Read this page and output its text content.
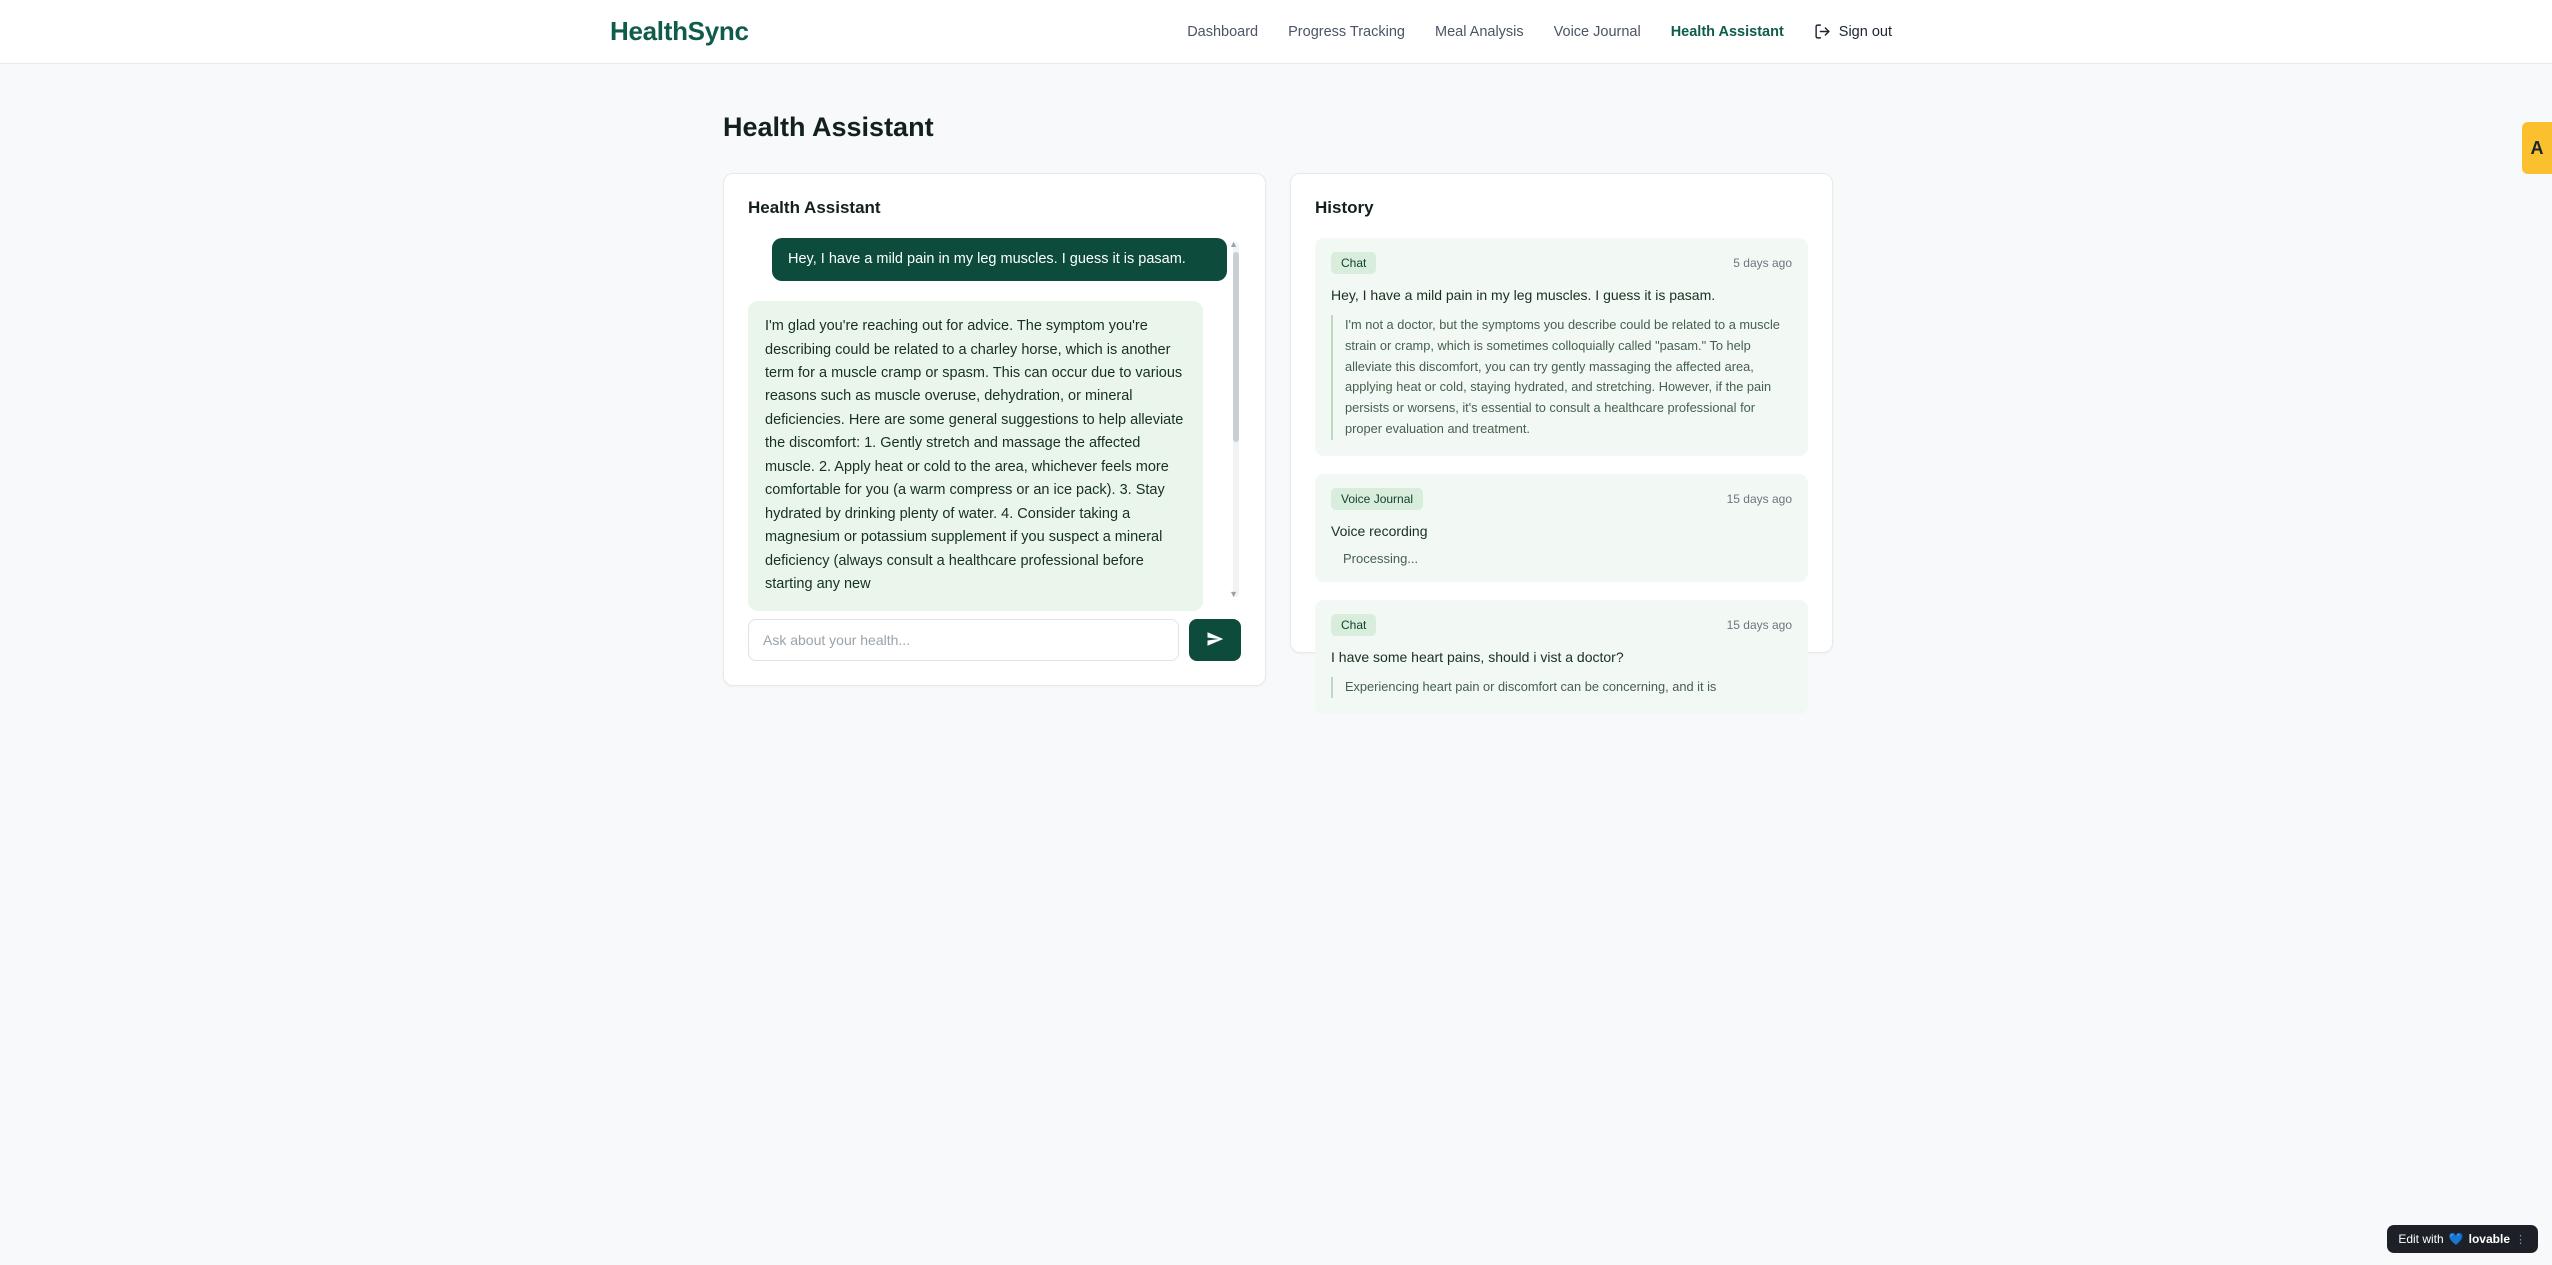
HealthSync	Dashboard Progress Tracking Meal Analysis Voice Journal Health Assistant	Sign out
Health Assistant
Health Assistant
Hey, I have a mild pain in my leg muscles. I guess it is pasam.
I'm glad you're reaching out for advice. The symptom you're describing could be related to a charley horse, which is another term for a muscle cramp or spasm. This can occur due to various reasons such as muscle overuse, dehydration, or mineral deficiencies. Here are some general suggestions to help alleviate the discomfort: 1. Gently stretch and massage the affected muscle. 2. Apply heat or cold to the area, whichever feels more comfortable for you (a warm compress or an ice pack). 3. Stay hydrated by drinking plenty of water. 4. Consider taking a magnesium or potassium supplement if you suspect a mineral deficiency (always consult a healthcare professional before starting any new
▲
▼
Ask about your health...
History
Chat	5 days ago
Hey, I have a mild pain in my leg muscles. I guess it is pasam.
I'm not a doctor, but the symptoms you describe could be related to a muscle strain or cramp, which is sometimes colloquially called "pasam." To help alleviate this discomfort, you can try gently massaging the affected area, applying heat or cold, staying hydrated, and stretching. However, if the pain persists or worsens, it's essential to consult a healthcare professional for proper evaluation and treatment.
Voice Journal	15 days ago
Voice recording
Processing...
Chat	15 days ago
I have some heart pains, should i vist a doctor?
Experiencing heart pain or discomfort can be concerning, and it is
A
Edit with 💙 lovable ⋮
